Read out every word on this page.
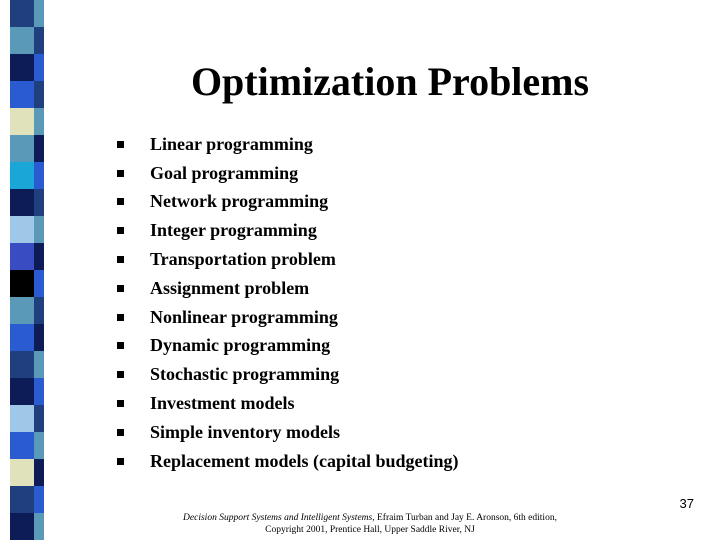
Optimization Problems
Linear programming
Goal programming
Network programming
Integer programming
Transportation problem
Assignment problem
Nonlinear programming
Dynamic programming
Stochastic programming
Investment models
Simple inventory models
Replacement models (capital budgeting)
37
Decision Support Systems and Intelligent Systems, Efraim Turban and Jay E. Aronson, 6th edition,
Copyright 2001, Prentice Hall, Upper Saddle River, NJ
